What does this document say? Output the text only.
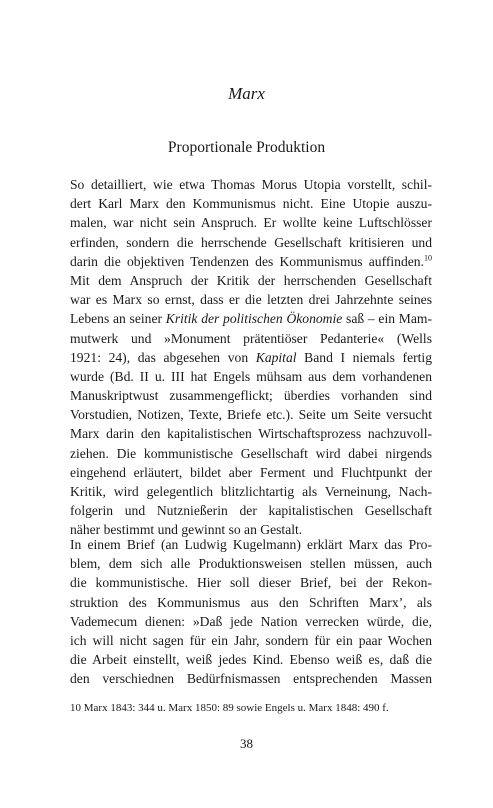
Marx
Proportionale Produktion
So detailliert, wie etwa Thomas Morus Utopia vorstellt, schil-
dert Karl Marx den Kommunismus nicht. Eine Utopie auszu-
malen, war nicht sein Anspruch. Er wollte keine Luftschlösser
erfinden, sondern die herrschende Gesellschaft kritisieren und
darin die objektiven Tendenzen des Kommunismus auffinden.$^{10}$
Mit dem Anspruch der Kritik der herrschenden Gesellschaft
war es Marx so ernst, dass er die letzten drei Jahrzehnte seines
Lebens an seiner Kritik der politischen Ökonomie saß – ein Mam-
mutwerk und »Monument prätentiöser Pedanterie« (Wells
1921: 24), das abgesehen von Kapital Band I niemals fertig
wurde (Bd. II u. III hat Engels mühsam aus dem vorhandenen
Manuskriptwust zusammengeflickt; überdies vorhanden sind
Vorstudien, Notizen, Texte, Briefe etc.). Seite um Seite versucht
Marx darin den kapitalistischen Wirtschaftsprozess nachzuvoll-
ziehen. Die kommunistische Gesellschaft wird dabei nirgends
eingehend erläutert, bildet aber Ferment und Fluchtpunkt der
Kritik, wird gelegentlich blitzlichtartig als Verneinung, Nach-
folgerin und Nutznießerin der kapitalistischen Gesellschaft
näher bestimmt und gewinnt so an Gestalt.
In einem Brief (an Ludwig Kugelmann) erklärt Marx das Pro-
blem, dem sich alle Produktionsweisen stellen müssen, auch
die kommunistische. Hier soll dieser Brief, bei der Rekon-
struktion des Kommunismus aus den Schriften Marx’, als
Vademecum dienen: »Daß jede Nation verrecken würde, die,
ich will nicht sagen für ein Jahr, sondern für ein paar Wochen
die Arbeit einstellt, weiß jedes Kind. Ebenso weiß es, daß die
den verschiednen Bedürfnismassen entsprechenden Massen
10 Marx 1843: 344 u. Marx 1850: 89 sowie Engels u. Marx 1848: 490 f.
38
